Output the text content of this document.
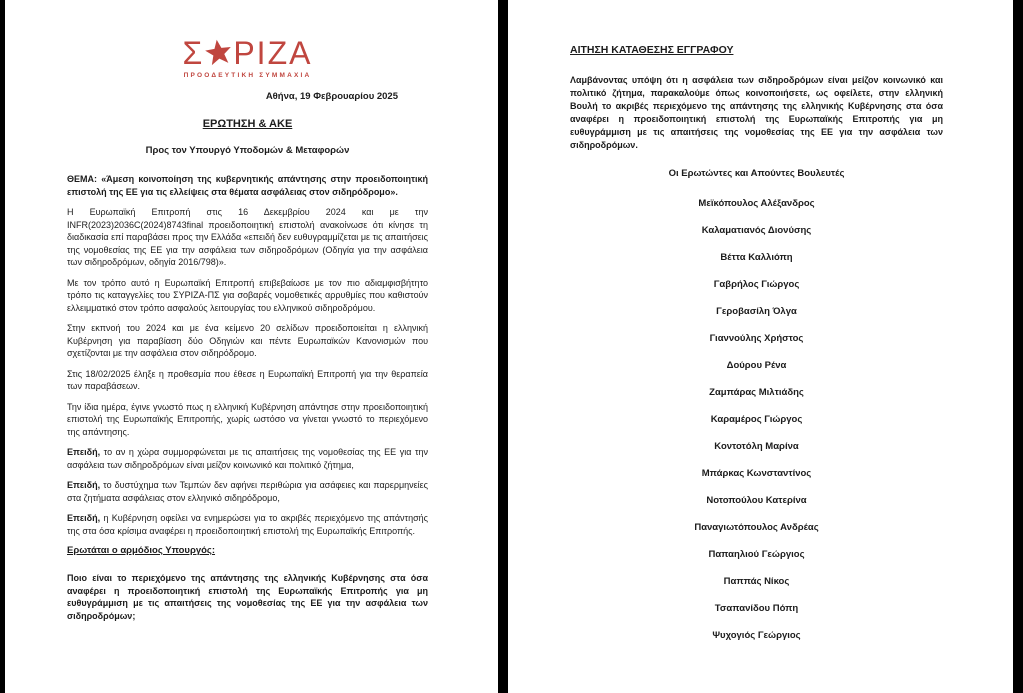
Σ ΡΙΖΑ
ΠΡΟΟΔΕΥΤΙΚΗ ΣΥΜΜΑΧΙΑ

Αθήνα, 19 Φεβρουαρίου 2025

ΕΡΩΤΗΣΗ & ΑΚΕ

Προς τον Υπουργό Υποδομών & Μεταφορών

ΘΕΜΑ: «Άμεση κοινοποίηση της κυβερνητικής απάντησης στην προειδοποιητική επιστολή της ΕΕ για τις ελλείψεις στα θέματα ασφάλειας στον σιδηρόδρομο».

Η Ευρωπαϊκή Επιτροπή στις 16 Δεκεμβρίου 2024 και με την INFR(2023)2036C(2024)8743final προειδοποιητική επιστολή ανακοίνωσε ότι κίνησε τη διαδικασία επί παραβάσει προς την Ελλάδα «επειδή δεν ευθυγραμμίζεται με τις απαιτήσεις της νομοθεσίας της ΕΕ για την ασφάλεια των σιδηροδρόμων (Οδηγία για την ασφάλεια των σιδηροδρόμων, οδηγία 2016/798)».

Με τον τρόπο αυτό η Ευρωπαϊκή Επιτροπή επιβεβαίωσε με τον πιο αδιαμφισβήτητο τρόπο τις καταγγελίες του ΣΥΡΙΖΑ-ΠΣ για σοβαρές νομοθετικές αρρυθμίες που καθιστούν ελλειμματικό στον τρόπο ασφαλούς λειτουργίας του ελληνικού σιδηροδρόμου.

Στην εκπνοή του 2024 και με ένα κείμενο 20 σελίδων προειδοποιείται η ελληνική Κυβέρνηση για παραβίαση δύο Οδηγιών και πέντε Ευρωπαϊκών Κανονισμών που σχετίζονται με την ασφάλεια στον σιδηρόδρομο.

Στις 18/02/2025 έληξε η προθεσμία που έθεσε η Ευρωπαϊκή Επιτροπή για την θεραπεία των παραβάσεων.

Την ίδια ημέρα, έγινε γνωστό πως η ελληνική Κυβέρνηση απάντησε στην προειδοποιητική επιστολή της Ευρωπαϊκής Επιτροπής, χωρίς ωστόσο να γίνεται γνωστό το περιεχόμενο της απάντησης.

Επειδή, το αν η χώρα συμμορφώνεται με τις απαιτήσεις της νομοθεσίας της ΕΕ για την ασφάλεια των σιδηροδρόμων είναι μείζον κοινωνικό και πολιτικό ζήτημα,

Επειδή, το δυστύχημα των Τεμπών δεν αφήνει περιθώρια για ασάφειες και παρερμηνείες στα ζητήματα ασφάλειας στον ελληνικό σιδηρόδρομο,

Επειδή, η Κυβέρνηση οφείλει να ενημερώσει για το ακριβές περιεχόμενο της απάντησής της στα όσα κρίσιμα αναφέρει η προειδοποιητική επιστολή της Ευρωπαϊκής Επιτροπής.

Ερωτάται ο αρμόδιος Υπουργός:

Ποιο είναι το περιεχόμενο της απάντησης της ελληνικής Κυβέρνησης στα όσα αναφέρει η προειδοποιητική επιστολή της Ευρωπαϊκής Επιτροπής για μη ευθυγράμμιση με τις απαιτήσεις της νομοθεσίας της ΕΕ για την ασφάλεια των σιδηροδρόμων;

ΑΙΤΗΣΗ ΚΑΤΑΘΕΣΗΣ ΕΓΓΡΑΦΟΥ

Λαμβάνοντας υπόψη ότι η ασφάλεια των σιδηροδρόμων είναι μείζον κοινωνικό και πολιτικό ζήτημα, παρακαλούμε όπως κοινοποιήσετε, ως οφείλετε, στην ελληνική Βουλή το ακριβές περιεχόμενο της απάντησης της ελληνικής Κυβέρνησης στα όσα αναφέρει η προειδοποιητική επιστολή της Ευρωπαϊκής Επιτροπής για μη ευθυγράμμιση με τις απαιτήσεις της νομοθεσίας της ΕΕ για την ασφάλεια των σιδηροδρόμων.

Οι Ερωτώντες και Απούντες Βουλευτές

Μεϊκόπουλος Αλέξανδρος
Καλαματιανός Διονύσης
Βέττα Καλλιόπη
Γαβρήλος Γιώργος
Γεροβασίλη Όλγα
Γιαννούλης Χρήστος
Δούρου Ρένα
Ζαμπάρας Μιλτιάδης
Καραμέρος Γιώργος
Κοντοτόλη Μαρίνα
Μπάρκας Κωνσταντίνος
Νοτοπούλου Κατερίνα
Παναγιωτόπουλος Ανδρέας
Παπαηλιού Γεώργιος
Παππάς Νίκος
Τσαπανίδου Πόπη
Ψυχογιός Γεώργιος
